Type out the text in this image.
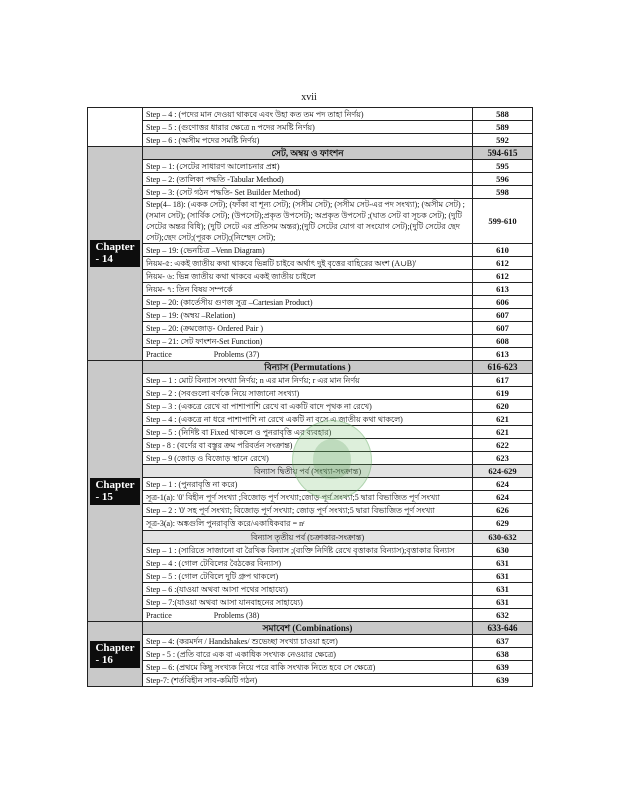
xvii
	Step – 4 : (পদের মান দেওয়া থাকবে এবং উহা কত তম পদ তাহা নির্ণয়)	588
	Step – 5 : (গুণোত্তর ধারার ক্ষেত্রে n পদের সমষ্টি নির্ণয়)	589
	Step – 6 : (অসীম পদের সমষ্টি নির্ণয়)	592
Chapter
- 14	সেট, অম্বয় ও ফাংশন	594-615
	Step – 1: (সেটের সাধারণ আলোচনার প্রশ্ন)	595
	Step – 2: (তালিকা পদ্ধতি -Tabular Method)	596
	Step – 3: (সেট গঠন পদ্ধতি- Set Builder Method)	598
	Step(4– 18): (একক সেট); (ফাঁকা বা শূন্য সেট); (সসীম সেট); (সসীম সেট-এর পদ সংখ্যা); (অসীম সেট) ; (সমান সেট); (সার্বিক সেট); (উপসেট);প্রকৃত উপসেট); অপ্রকৃত উপসেট ;(ঘাত সেট বা সূচক সেট); (দুটি সেটের অন্তর বিধি); (দুটি সেটে এর প্রতিসম অন্তর);(দুটি সেটের যোগ বা সংযোগ সেট);(দুটি সেটের ছেদ সেট);ছেদ সেট;(পূরক সেট);(নিশ্ছেদ সেট);	599-610
	Step – 19: (ভেনচিত্র –Venn Diagram)	610
	নিয়ম-৫: একই জাতীয় কথা থাকবে ভিন্নটি চাইবে অর্থাৎ দুই বৃত্তের বাহিরের অংশ (A∪B)′	612
	নিয়ম- ৬: ভিন্ন জাতীয় কথা থাকবে একই জাতীয় চাইলে	612
	নিয়ম- ৭: তিন বিষয় সম্পর্কে	613
	Step – 20: (কার্তেসীয় গুণজ সুত্র –Cartesian Product)	606
	Step – 19: (অম্বয় –Relation)	607
	Step – 20: (ক্রমজোড়- Ordered Pair )	607
	Step – 21: সেট ফাংশন-Set Function)	608
	Practice                     Problems (37)	613
Chapter
- 15	বিন্যাস (Permutations )	616-623
	Step – 1 : মোট বিন্যাস সংখ্যা নির্ণয়; n এর মান নির্ণয়; r এর মান নির্ণয়	617
	Step – 2 : (সবগুলো বর্ণকে নিয়ে সাজানো সংখ্যা)	619
	Step – 3 : (একত্রে রেখে বা পাশাপাশি রেখে বা একটি বাদে পৃথক না রেখে)	620
	Step – 4 : (একত্রে না ধরে পাশাপাশি না রেখে একটি না বসে এ জাতীয় কথা থাকলে)	621
	Step – 5 : (নির্দিষ্ট বা Fixed থাকলে ও পুনরাবৃত্তি এর ব্যবহার)	621
	Step - 8 : (বর্ণের বা বস্তুর ক্রম পরিবর্তন সংক্রান্ত)	622
	Step – 9 (জোড় ও বিজোড় স্থানে রেখে)	623
	বিন্যাস দ্বিতীয় পর্ব (সংখ্যা-সংক্রান্ত)	624-629
	Step – 1 : (পুনরাবৃত্তি না করে)	624
	সূত্র-1(a): '0' বিহীন পূর্ণ সংখ্যা ;বিজোড় পূর্ণ সংখ্যা;জোড় পূর্ণ সংখ্যা;5 দ্বারা বিভাজিত পূর্ণ সংখ্যা	624
	Step – 2 : '0' সহ পূর্ণ সংখ্যা; বিজোড় পূর্ণ সংখ্যা; জোড় পূর্ণ সংখ্যা;5 দ্বারা বিভাজিত পূর্ণ সংখ্যা	626
	সূত্র-3(a): অঙ্কগুলি পুনরাবৃত্তি করে/একাধিকবার = nʳ	629
	বিন্যাস তৃতীয় পর্ব (চক্রাকার-সংক্রান্ত)	630-632
	Step – 1 : (সারিতে সাজানো বা রৈখিক বিন্যাস ;(ব্যক্তি নির্দিষ্ট রেখে বৃত্তাকার বিন্যাস);বৃত্তাকার বিন্যাস	630
	Step – 4 : (গোল টেবিলের বৈঠকের বিন্যাস)	631
	Step – 5 : (গোল টেবিলে দুটি গ্রুপ থাকলে)	631
	Step – 6 :(যাওয়া অথবা আসা পথের সাহায্যে)	631
	Step – 7:(যাওয়া অথবা আসা যানবাহনের সাহায্যে)	631
	Practice                     Problems (38)	632
Chapter
- 16	সমাবেশ (Combinations)	633-646
	Step – 4: (করমর্দন / Handshakes/ শুভেচ্ছা সংখ্যা চাওয়া হলে)	637
	Step - 5 : (প্রতি বারে এক বা একাধিক সংখ্যক নেওয়ার ক্ষেত্রে)	638
	Step – 6: (প্রথমে কিছু সংখ্যক নিয়ে পরে বাকি সংখ্যক নিতে হবে সে ক্ষেত্রে)	639
	Step-7: (শর্তবিহীন সাব-কমিটি গঠন)	639
